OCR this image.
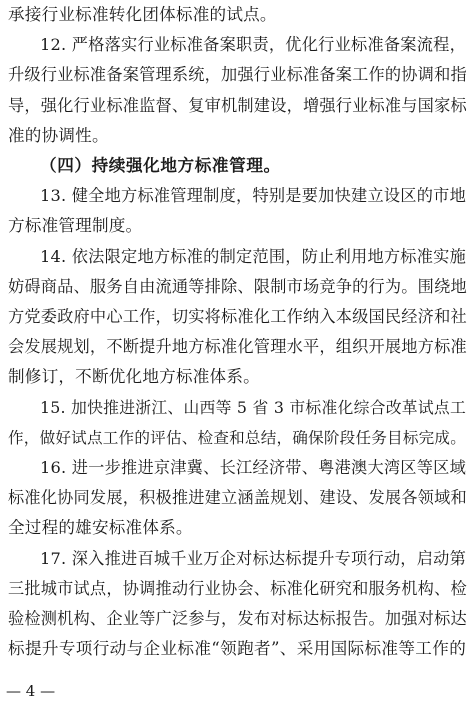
承接行业标准转化团体标准的试点。
12. 严格落实行业标准备案职责，优化行业标准备案流程，
升级行业标准备案管理系统，加强行业标准备案工作的协调和指
导，强化行业标准监督、复审机制建设，增强行业标准与国家标
准的协调性。
（四）持续强化地方标准管理。
13. 健全地方标准管理制度，特别是要加快建立设区的市地
方标准管理制度。
14. 依法限定地方标准的制定范围，防止利用地方标准实施
妨碍商品、服务自由流通等排除、限制市场竞争的行为。围绕地
方党委政府中心工作，切实将标准化工作纳入本级国民经济和社
会发展规划，不断提升地方标准化管理水平，组织开展地方标准
制修订，不断优化地方标准体系。
15. 加快推进浙江、山西等 5 省 3 市标准化综合改革试点工
作，做好试点工作的评估、检查和总结，确保阶段任务目标完成。
16. 进一步推进京津冀、长江经济带、粤港澳大湾区等区域
标准化协同发展，积极推进建立涵盖规划、建设、发展各领域和
全过程的雄安标准体系。
17. 深入推进百城千业万企对标达标提升专项行动，启动第
三批城市试点，协调推动行业协会、标准化研究和服务机构、检
验检测机构、企业等广泛参与，发布对标达标报告。加强对标达
标提升专项行动与企业标准“领跑者”、采用国际标准等工作的
— 4 —
